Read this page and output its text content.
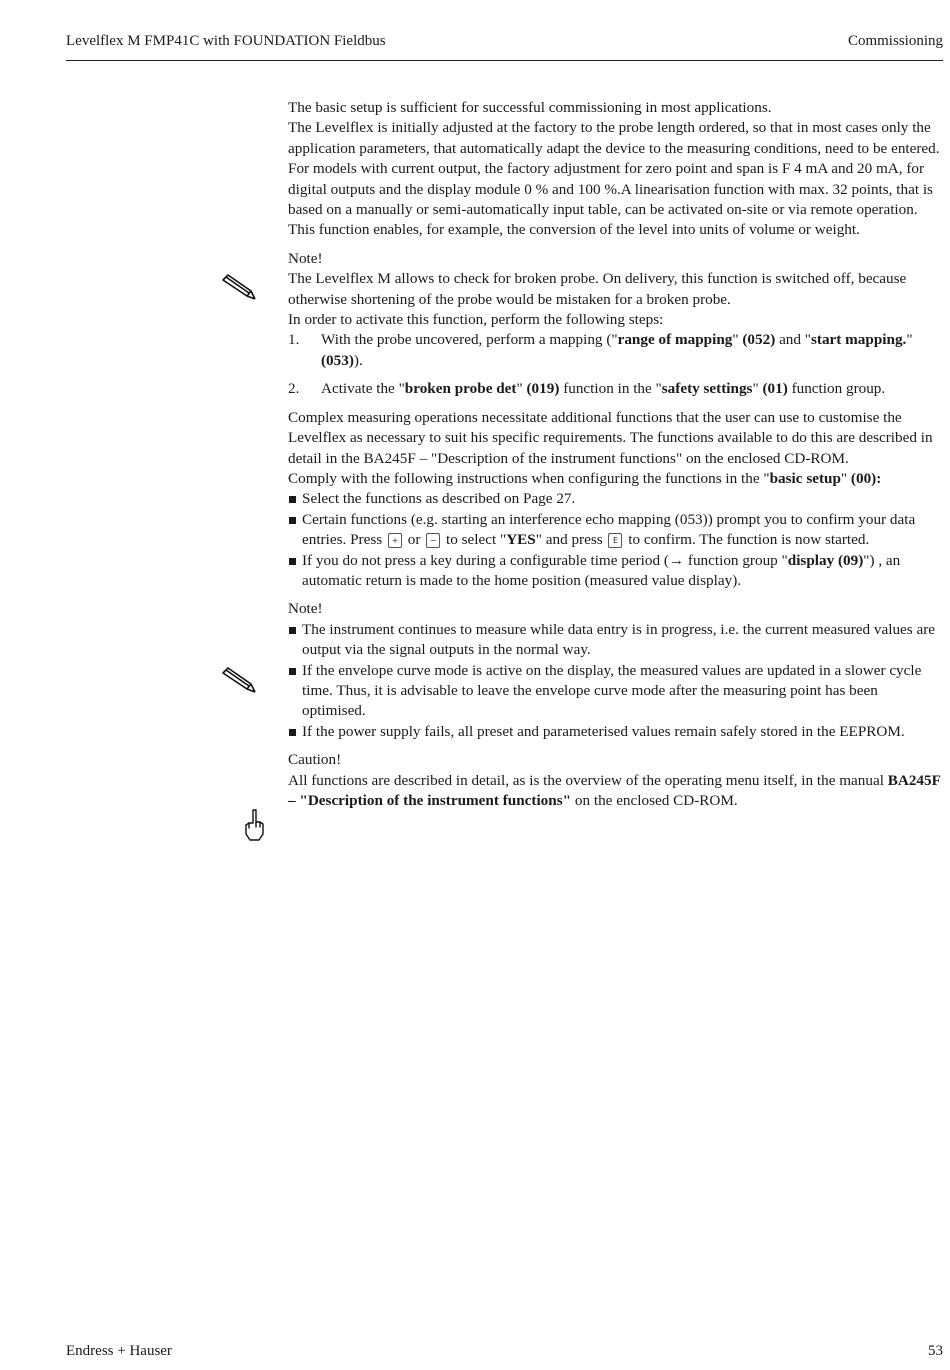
Levelflex M FMP41C with FOUNDATION Fieldbus	Commissioning

The basic setup is sufficient for successful commissioning in most applications.

The Levelflex is initially adjusted at the factory to the probe length ordered, so that in most cases only the application parameters, that automatically adapt the device to the measuring conditions, need to be entered. For models with current output, the factory adjustment for zero point and span is F 4 mA and 20 mA, for digital outputs and the display module 0 % and 100 %.A linearisation function with max. 32 points, that is based on a manually or semi-automatically input table, can be activated on-site or via remote operation. This function enables, for example, the conversion of the level into units of volume or weight.

Note!

The Levelflex M allows to check for broken probe. On delivery, this function is switched off, because otherwise shortening of the probe would be mistaken for a broken probe.

In order to activate this function, perform the following steps:

1. With the probe uncovered, perform a mapping ("range of mapping" (052) and "start mapping." (053)).
2. Activate the "broken probe det" (019) function in the "safety settings" (01) function group.

Complex measuring operations necessitate additional functions that the user can use to customise the Levelflex as necessary to suit his specific requirements. The functions available to do this are described in detail in the BA245F – "Description of the instrument functions" on the enclosed CD-ROM.

Comply with the following instructions when configuring the functions in the "basic setup" (00):

Select the functions as described on Page 27.
Certain functions (e.g. starting an interference echo mapping (053)) prompt you to confirm your data entries. Press + or − to select "YES" and press E to confirm. The function is now started.
If you do not press a key during a configurable time period (→ function group "display (09)") , an automatic return is made to the home position (measured value display).

Note!

The instrument continues to measure while data entry is in progress, i.e. the current measured values are output via the signal outputs in the normal way.
If the envelope curve mode is active on the display, the measured values are updated in a slower cycle time. Thus, it is advisable to leave the envelope curve mode after the measuring point has been optimised.
If the power supply fails, all preset and parameterised values remain safely stored in the EEPROM.

Caution!

All functions are described in detail, as is the overview of the operating menu itself, in the manual BA245F – "Description of the instrument functions" on the enclosed CD-ROM.

Endress + Hauser	53
